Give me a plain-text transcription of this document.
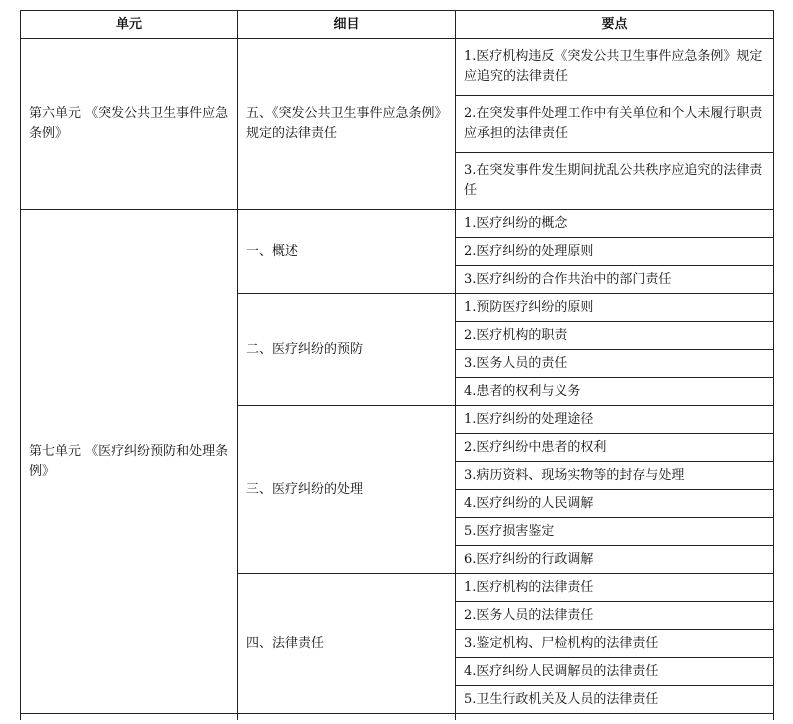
单元	细目	要点
第六单元 《突发公共卫生事件应急条例》	五、《突发公共卫生事件应急条例》规定的法律责任	1.医疗机构违反《突发公共卫生事件应急条例》规定应追究的法律责任
		2.在突发事件处理工作中有关单位和个人未履行职责应承担的法律责任
		3.在突发事件发生期间扰乱公共秩序应追究的法律责任
第七单元 《医疗纠纷预防和处理条例》	一、概述	1.医疗纠纷的概念
		2.医疗纠纷的处理原则
		3.医疗纠纷的合作共治中的部门责任
	二、医疗纠纷的预防	1.预防医疗纠纷的原则
		2.医疗机构的职责
		3.医务人员的责任
		4.患者的权利与义务
	三、医疗纠纷的处理	1.医疗纠纷的处理途径
		2.医疗纠纷中患者的权利
		3.病历资料、现场实物等的封存与处理
		4.医疗纠纷的人民调解
		5.医疗损害鉴定
		6.医疗纠纷的行政调解
	四、法律责任	1.医疗机构的法律责任
		2.医务人员的法律责任
		3.鉴定机构、尸检机构的法律责任
		4.医疗纠纷人民调解员的法律责任
		5.卫生行政机关及人员的法律责任
